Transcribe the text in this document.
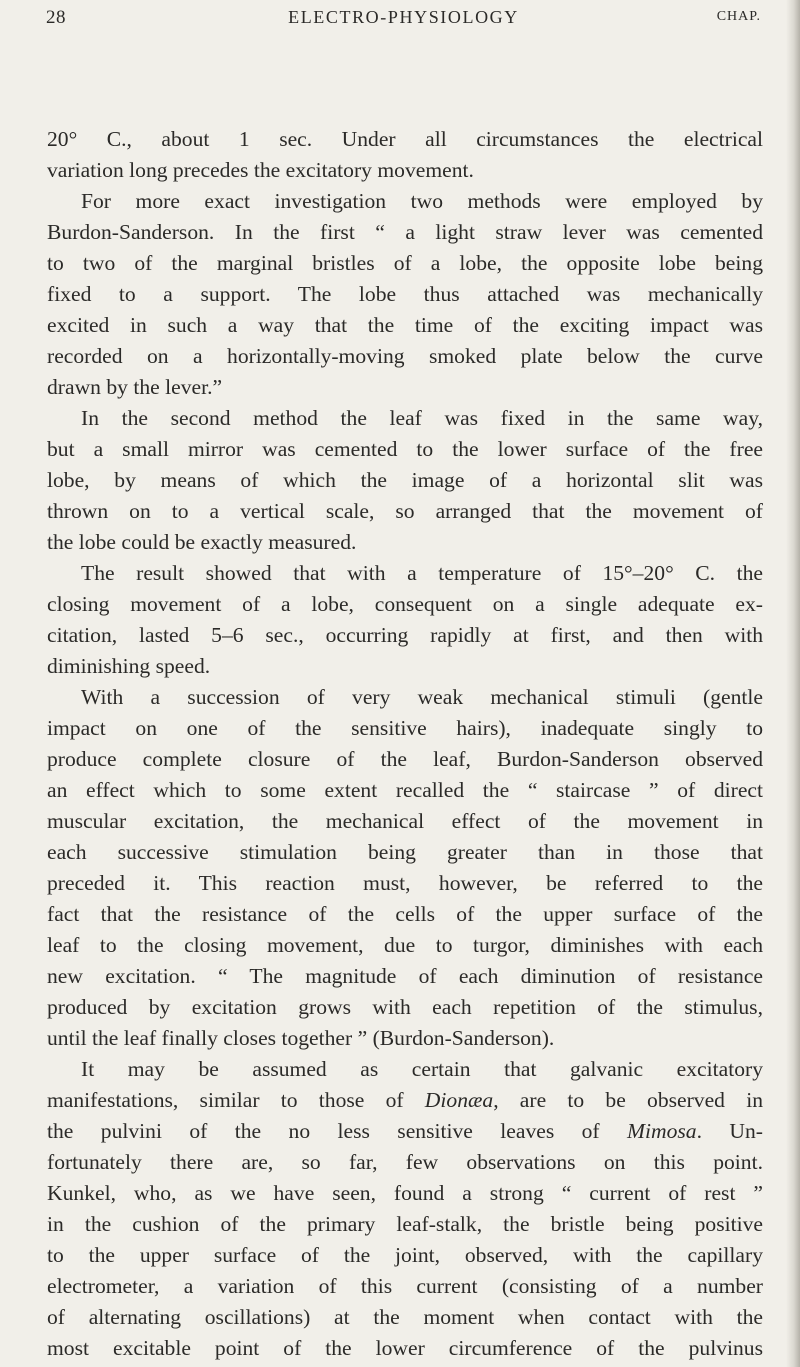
28	ELECTRO-PHYSIOLOGY	CHAP.
20° C., about 1 sec. Under all circumstances the electrical
variation long precedes the excitatory movement.
For more exact investigation two methods were employed by
Burdon-Sanderson. In the first “ a light straw lever was cemented
to two of the marginal bristles of a lobe, the opposite lobe being
fixed to a support. The lobe thus attached was mechanically
excited in such a way that the time of the exciting impact was
recorded on a horizontally-moving smoked plate below the curve
drawn by the lever.”
In the second method the leaf was fixed in the same way,
but a small mirror was cemented to the lower surface of the free
lobe, by means of which the image of a horizontal slit was
thrown on to a vertical scale, so arranged that the movement of
the lobe could be exactly measured.
The result showed that with a temperature of 15°–20° C. the
closing movement of a lobe, consequent on a single adequate ex-
citation, lasted 5–6 sec., occurring rapidly at first, and then with
diminishing speed.
With a succession of very weak mechanical stimuli (gentle
impact on one of the sensitive hairs), inadequate singly to
produce complete closure of the leaf, Burdon-Sanderson observed
an effect which to some extent recalled the “ staircase ” of direct
muscular excitation, the mechanical effect of the movement in
each successive stimulation being greater than in those that
preceded it. This reaction must, however, be referred to the
fact that the resistance of the cells of the upper surface of the
leaf to the closing movement, due to turgor, diminishes with each
new excitation. “ The magnitude of each diminution of resistance
produced by excitation grows with each repetition of the stimulus,
until the leaf finally closes together ” (Burdon-Sanderson).
It may be assumed as certain that galvanic excitatory
manifestations, similar to those of Dionæa, are to be observed in
the pulvini of the no less sensitive leaves of Mimosa. Un-
fortunately there are, so far, few observations on this point.
Kunkel, who, as we have seen, found a strong “ current of rest ”
in the cushion of the primary leaf-stalk, the bristle being positive
to the upper surface of the joint, observed, with the capillary
electrometer, a variation of this current (consisting of a number
of alternating oscillations) at the moment when contact with the
most excitable point of the lower circumference of the pulvinus
